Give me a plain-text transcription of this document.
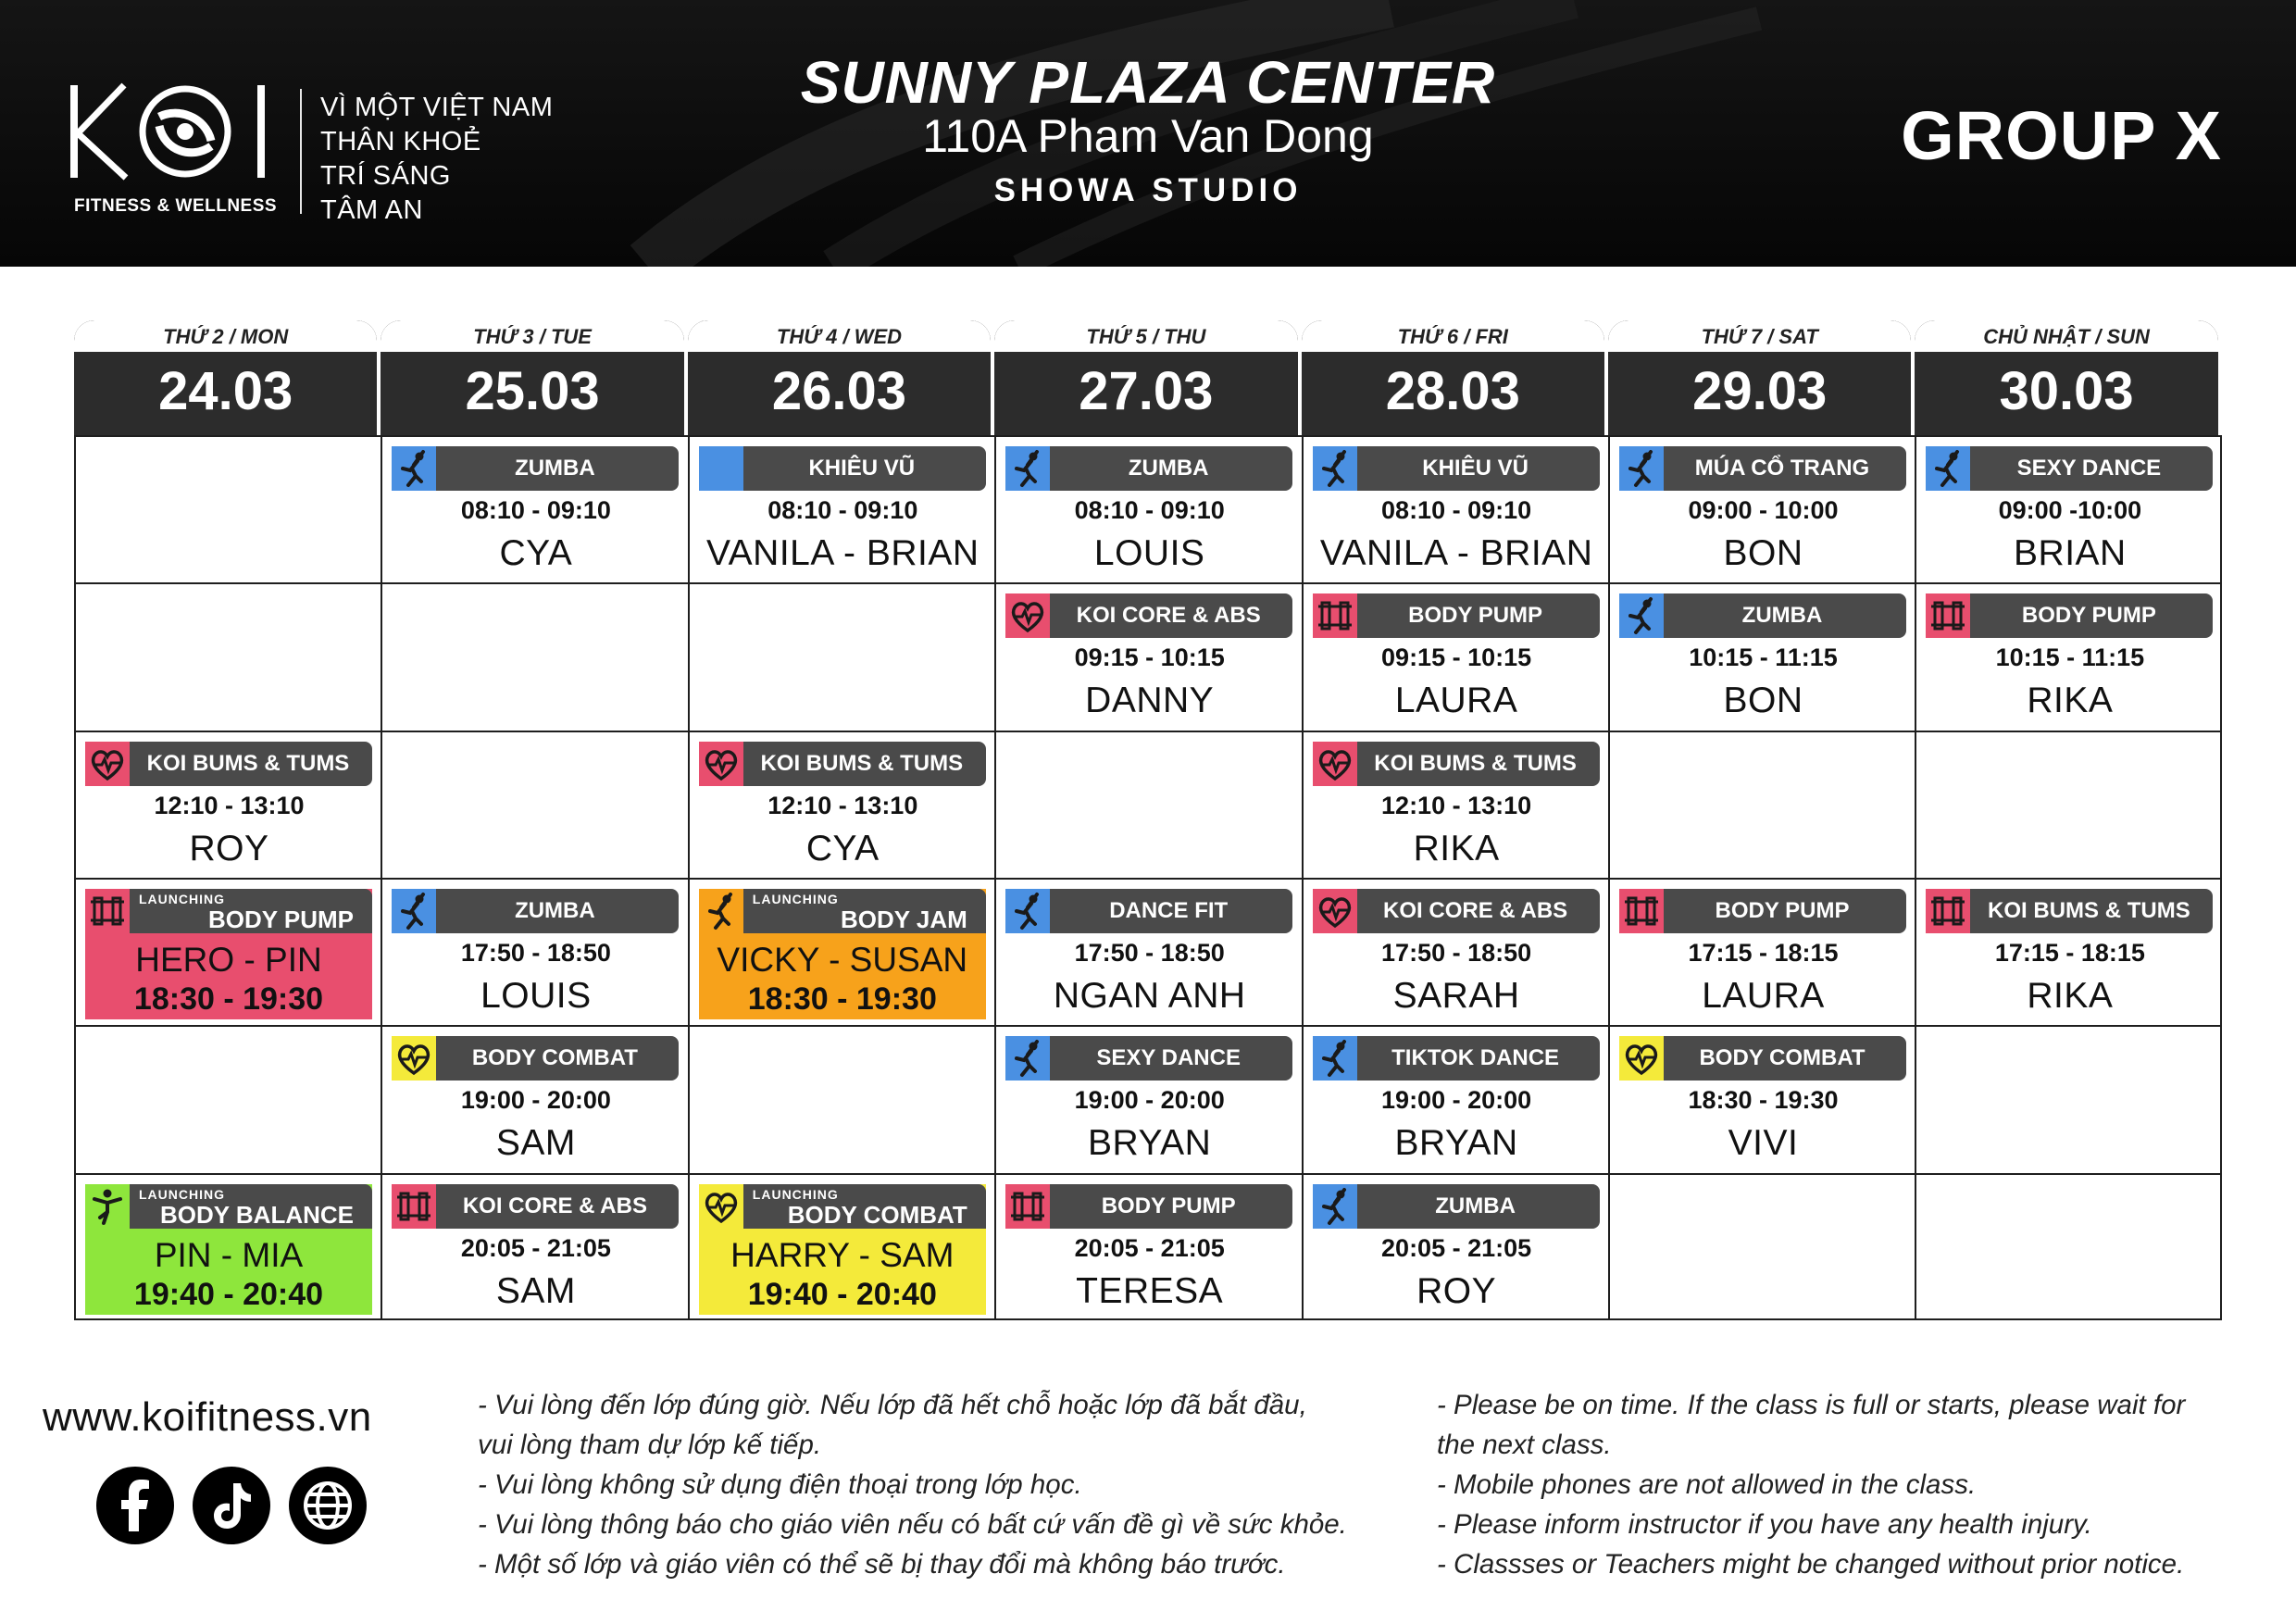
FITNESS & WELLNESS
VÌ MỘT VIỆT NAM
THÂN KHOẺ
TRÍ SÁNG
TÂM AN
SUNNY PLAZA CENTER
110A Pham Van Dong
SHOWA STUDIO
GROUP X
THỨ 2 / MON
24.03
THỨ 3 / TUE
25.03
THỨ 4 / WED
26.03
THỨ 5 / THU
27.03
THỨ 6 / FRI
28.03
THỨ 7 / SAT
29.03
CHỦ NHẬT / SUN
30.03
ZUMBA
08:10 - 09:10
CYA
KHIÊU VŨ
08:10 - 09:10
VANILA - BRIAN
ZUMBA
08:10 - 09:10
LOUIS
KHIÊU VŨ
08:10 - 09:10
VANILA - BRIAN
MÚA CỔ TRANG
09:00 - 10:00
BON
SEXY DANCE
09:00 -10:00
BRIAN
KOI CORE & ABS
09:15 - 10:15
DANNY
BODY PUMP
09:15 - 10:15
LAURA
ZUMBA
10:15 - 11:15
BON
BODY PUMP
10:15 - 11:15
RIKA
KOI BUMS & TUMS
12:10 - 13:10
ROY
KOI BUMS & TUMS
12:10 - 13:10
CYA
KOI BUMS & TUMS
12:10 - 13:10
RIKA
LAUNCHING
BODY PUMP
HERO - PIN
18:30 - 19:30
ZUMBA
17:50 - 18:50
LOUIS
LAUNCHING
BODY JAM
VICKY - SUSAN
18:30 - 19:30
DANCE FIT
17:50 - 18:50
NGAN ANH
KOI CORE & ABS
17:50 - 18:50
SARAH
BODY PUMP
17:15 - 18:15
LAURA
KOI BUMS & TUMS
17:15 - 18:15
RIKA
BODY COMBAT
19:00 - 20:00
SAM
SEXY DANCE
19:00 - 20:00
BRYAN
TIKTOK DANCE
19:00 - 20:00
BRYAN
BODY COMBAT
18:30 - 19:30
VIVI
LAUNCHING
BODY BALANCE
PIN - MIA
19:40 - 20:40
KOI CORE & ABS
20:05 - 21:05
SAM
LAUNCHING
BODY COMBAT
HARRY - SAM
19:40 - 20:40
BODY PUMP
20:05 - 21:05
TERESA
ZUMBA
20:05 - 21:05
ROY
www.koifitness.vn	- Vui lòng đến lớp đúng giờ. Nếu lớp đã hết chỗ hoặc lớp đã bắt đầu,
vui lòng tham dự lớp kế tiếp.
- Vui lòng không sử dụng điện thoại trong lớp học.
- Vui lòng thông báo cho giáo viên nếu có bất cứ vấn đề gì về sức khỏe.
- Một số lớp và giáo viên có thể sẽ bị thay đổi mà không báo trước.
- Please be on time. If the class is full or starts, please wait for
the next class.
- Mobile phones are not allowed in the class.
- Please inform instructor if you have any health injury.
- Classses or Teachers might be changed without prior notice.
